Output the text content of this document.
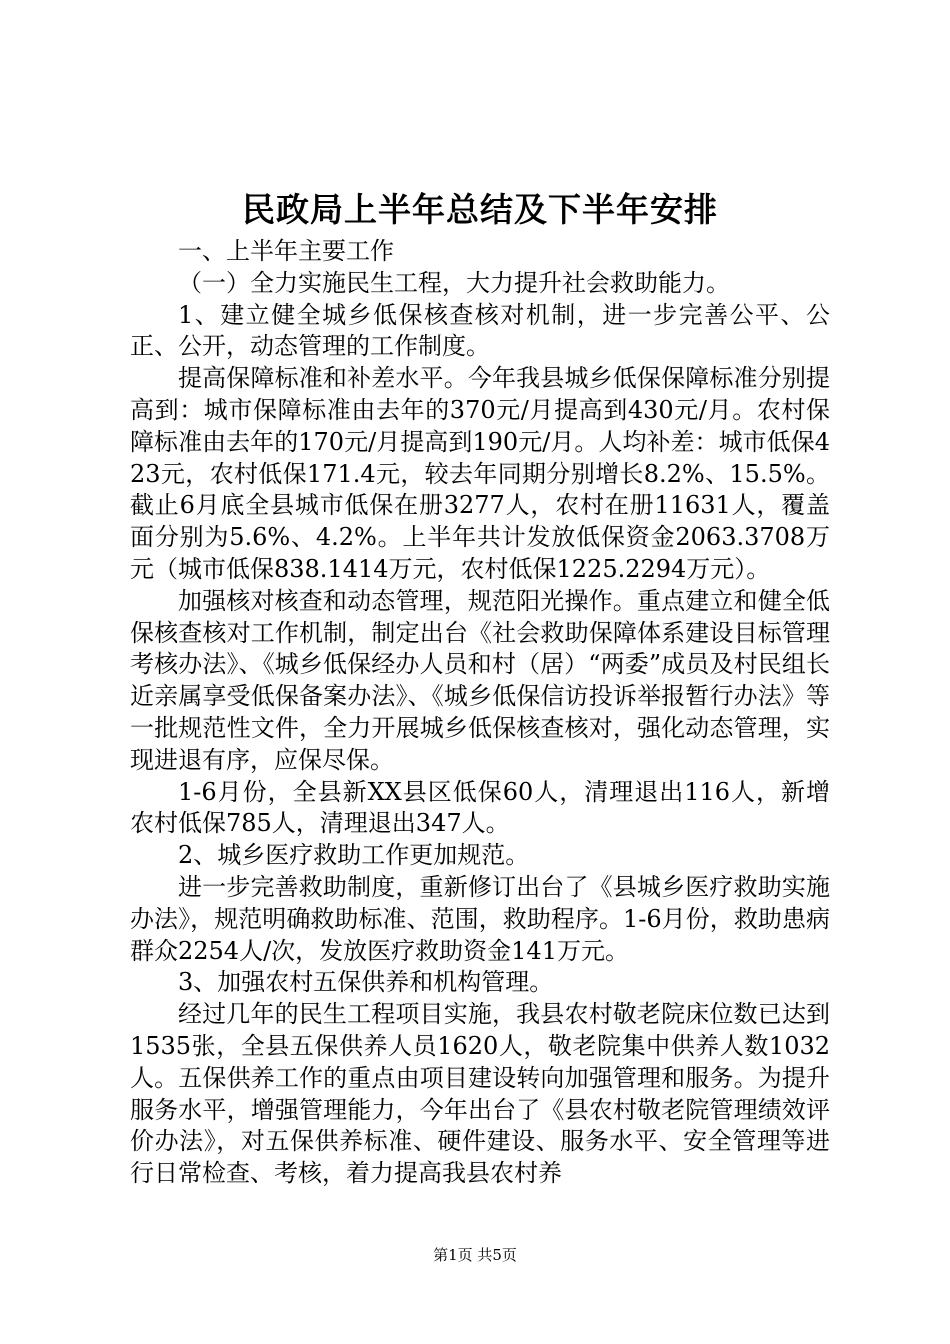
民政局上半年总结及下半年安排

一、上半年主要工作

（一）全力实施民生工程，大力提升社会救助能力。

1、建立健全城乡低保核查核对机制，进一步完善公平、公正、公开，动态管理的工作制度。

提高保障标准和补差水平。今年我县城乡低保保障标准分别提高到：城市保障标准由去年的370元/月提高到430元/月。农村保障标准由去年的170元/月提高到190元/月。人均补差：城市低保423元，农村低保171.4元，较去年同期分别增长8.2%、15.5%。截止6月底全县城市低保在册3277人，农村在册11631人，覆盖面分别为5.6%、4.2%。上半年共计发放低保资金2063.3708万元（城市低保838.1414万元，农村低保1225.2294万元）。

加强核对核查和动态管理，规范阳光操作。重点建立和健全低保核查核对工作机制，制定出台《社会救助保障体系建设目标管理考核办法》、《城乡低保经办人员和村（居）“两委”成员及村民组长近亲属享受低保备案办法》、《城乡低保信访投诉举报暂行办法》等一批规范性文件，全力开展城乡低保核查核对，强化动态管理，实现进退有序，应保尽保。

1-6月份，全县新XX县区低保60人，清理退出116人，新增农村低保785人，清理退出347人。

2、城乡医疗救助工作更加规范。

进一步完善救助制度，重新修订出台了《县城乡医疗救助实施办法》，规范明确救助标准、范围，救助程序。1-6月份，救助患病群众2254人/次，发放医疗救助资金141万元。

3、加强农村五保供养和机构管理。

经过几年的民生工程项目实施，我县农村敬老院床位数已达到1535张，全县五保供养人员1620人，敬老院集中供养人数1032人。五保供养工作的重点由项目建设转向加强管理和服务。为提升服务水平，增强管理能力，今年出台了《县农村敬老院管理绩效评价办法》，对五保供养标准、硬件建设、服务水平、安全管理等进行日常检查、考核，着力提高我县农村养

第1页 共5页
